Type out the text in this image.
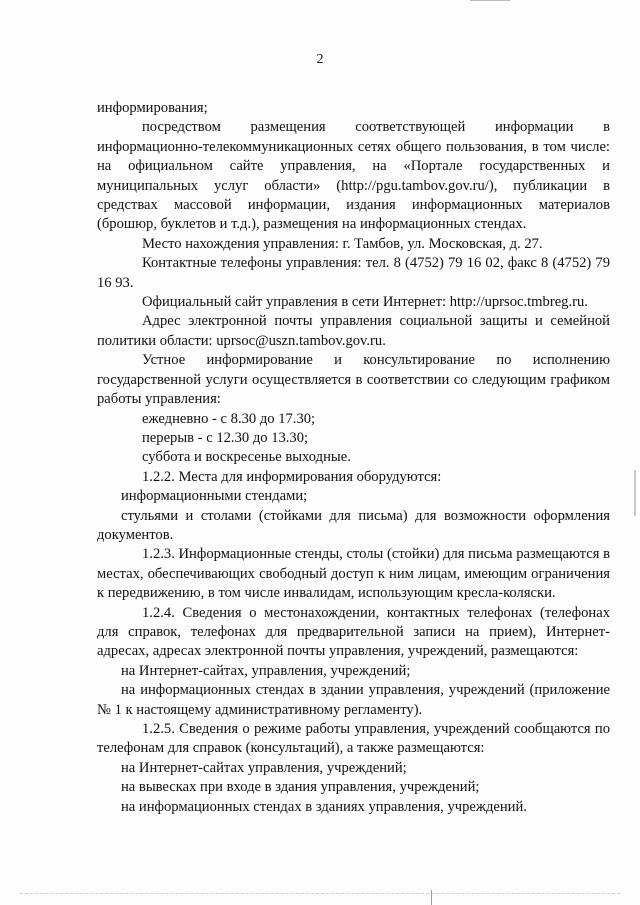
2

информирования;

посредством размещения соответствующей информации в информационно-телекоммуникационных сетях общего пользования, в том числе: на официальном сайте управления, на «Портале государственных и муниципальных услуг области» (http://pgu.tambov.gov.ru/), публикации в средствах массовой информации, издания информационных материалов (брошюр, буклетов и т.д.), размещения на информационных стендах.

Место нахождения управления: г. Тамбов, ул. Московская, д. 27.

Контактные телефоны управления: тел. 8 (4752) 79 16 02, факс 8 (4752) 79 16 93.

Официальный сайт управления в сети Интернет: http://uprsoc.tmbreg.ru.

Адрес электронной почты управления социальной защиты и семейной политики области: uprsoc@uszn.tambov.gov.ru.

Устное информирование и консультирование по исполнению государственной услуги осуществляется в соответствии со следующим графиком работы управления:

ежедневно - с 8.30 до 17.30;

перерыв - с 12.30 до 13.30;

суббота и воскресенье выходные.

1.2.2. Места для информирования оборудуются:

информационными стендами;

стульями и столами (стойками для письма) для возможности оформления документов.

1.2.3. Информационные стенды, столы (стойки) для письма размещаются в местах, обеспечивающих свободный доступ к ним лицам, имеющим ограничения к передвижению, в том числе инвалидам, использующим кресла-коляски.

1.2.4. Сведения о местонахождении, контактных телефонах (телефонах для справок, телефонах для предварительной записи на прием), Интернет-адресах, адресах электронной почты управления, учреждений, размещаются:

на Интернет-сайтах, управления, учреждений;

на информационных стендах в здании управления, учреждений (приложение № 1 к настоящему административному регламенту).

1.2.5. Сведения о режиме работы управления, учреждений сообщаются по телефонам для справок (консультаций), а также размещаются:

на Интернет-сайтах управления, учреждений;

на вывесках при входе в здания управления, учреждений;

на информационных стендах в зданиях управления, учреждений.
